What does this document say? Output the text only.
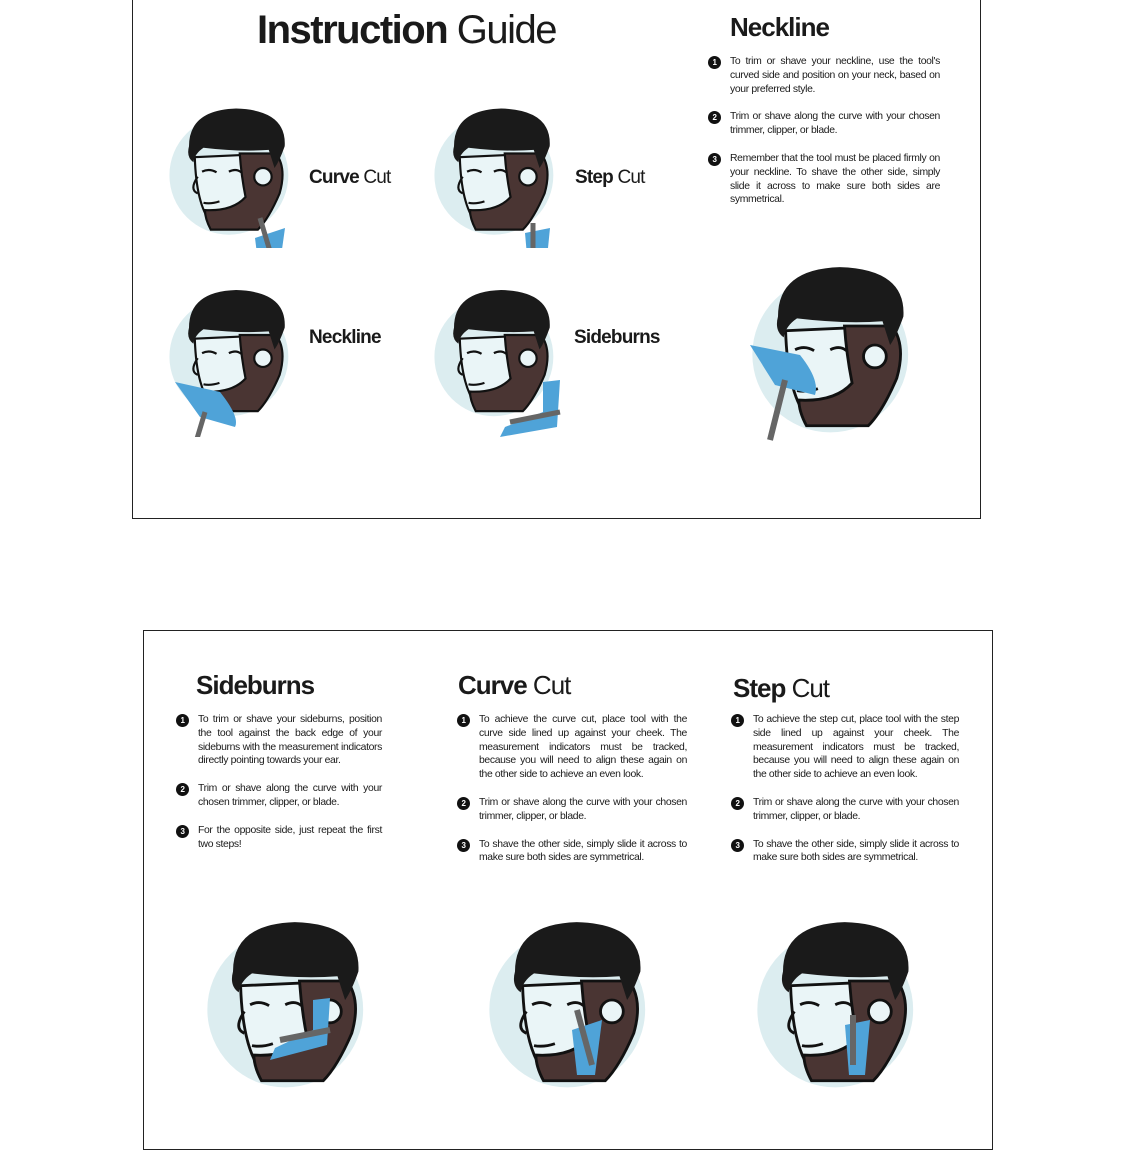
Instruction Guide
Curve Cut	Step Cut
Neckline	Sideburns
Neckline
1	To trim or shave your neckline, use the tool's curved side and position on your neck, based on your preferred style.
2	Trim or shave along the curve with your chosen trimmer, clipper, or blade.
3	Remember that the tool must be placed firmly on your neckline. To shave the other side, simply slide it across to make sure both sides are symmetrical.
Sideburns	Curve Cut	Step Cut
1	To trim or shave your sideburns, position the tool against the back edge of your sideburns with the measurement indicators directly pointing towards your ear.
2	Trim or shave along the curve with your chosen trimmer, clipper, or blade.
3	For the opposite side, just repeat the first two steps!
1	To achieve the curve cut, place tool with the curve side lined up against your cheek. The measurement indicators must be tracked, because you will need to align these again on the other side to achieve an even look.
2	Trim or shave along the curve with your chosen trimmer, clipper, or blade.
3	To shave the other side, simply slide it across to make sure both sides are symmetrical.
1	To achieve the step cut, place tool with the step side lined up against your cheek. The measurement indicators must be tracked, because you will need to align these again on the other side to achieve an even look.
2	Trim or shave along the curve with your chosen trimmer, clipper, or blade.
3	To shave the other side, simply slide it across to make sure both sides are symmetrical.
